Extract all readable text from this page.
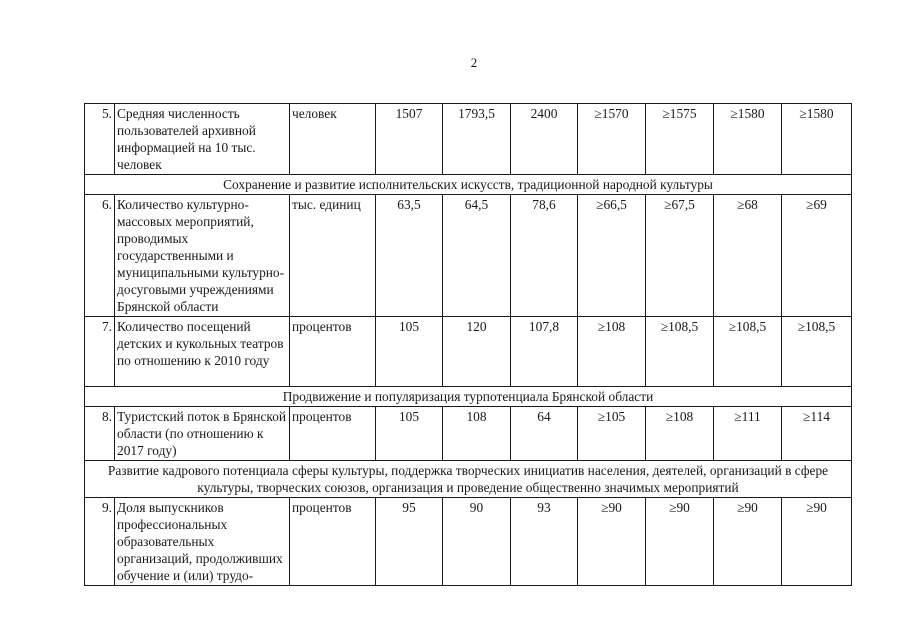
2
5.	Средняя численность пользователей архивной информацией на 10 тыс. человек	человек	1507	1793,5	2400	≥1570	≥1575	≥1580	≥1580
Сохранение и развитие исполнительских искусств, традиционной народной культуры									
6.	Количество культурно-массовых мероприятий, проводимых государственными и муниципальными культурно-досуговыми учреждениями Брянской области	тыс. единиц	63,5	64,5	78,6	≥66,5	≥67,5	≥68	≥69
7.	Количество посещений детских и кукольных театров по отношению к 2010 году	процентов	105	120	107,8	≥108	≥108,5	≥108,5	≥108,5
Продвижение и популяризация турпотенциала Брянской области									
8.	Туристский поток в Брянской области (по отношению к 2017 году)	процентов	105	108	64	≥105	≥108	≥111	≥114
Развитие кадрового потенциала сферы культуры, поддержка творческих инициатив населения, деятелей, организаций в сфере культуры, творческих союзов, организация и проведение общественно значимых мероприятий									
9.	Доля выпускников профессиональных образовательных организаций, продолживших обучение и (или) трудо-	процентов	95	90	93	≥90	≥90	≥90	≥90
